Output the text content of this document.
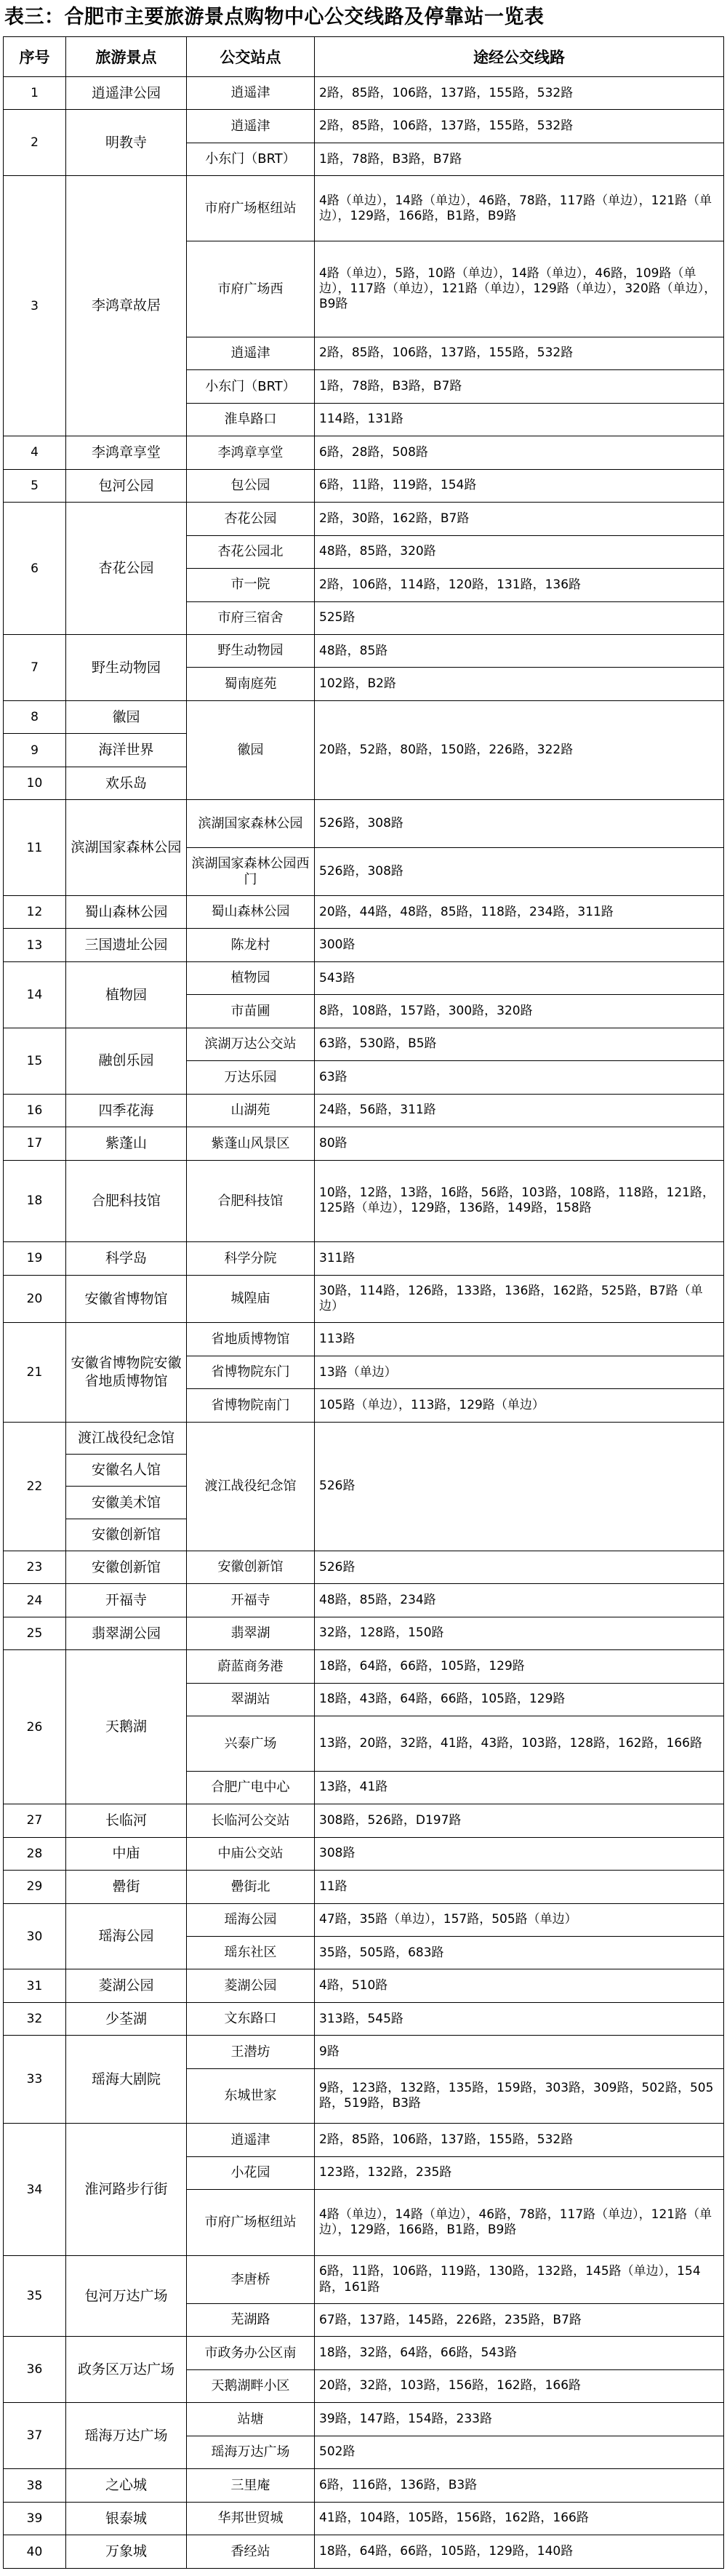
表三：合肥市主要旅游景点购物中心公交线路及停靠站一览表
序号	旅游景点	公交站点	途经公交线路
1	逍遥津公园	逍遥津	2路，85路，106路，137路，155路，532路
2	明教寺	逍遥津	2路，85路，106路，137路，155路，532路
		小东门（BRT）	1路，78路，B3路，B7路
3	李鸿章故居	市府广场枢纽站	4路（单边），14路（单边），46路，78路，117路（单边），121路（单边），129路，166路，B1路，B9路
		市府广场西	4路（单边），5路，10路（单边），14路（单边），46路，109路（单边），117路（单边），121路（单边），129路（单边），320路（单边），B9路
		逍遥津	2路，85路，106路，137路，155路，532路
		小东门（BRT）	1路，78路，B3路，B7路
		淮阜路口	114路，131路
4	李鸿章享堂	李鸿章享堂	6路，28路，508路
5	包河公园	包公园	6路，11路，119路，154路
6	杏花公园	杏花公园	2路，30路，162路，B7路
		杏花公园北	48路，85路，320路
		市一院	2路，106路，114路，120路，131路，136路
		市府三宿舍	525路
7	野生动物园	野生动物园	48路，85路
		蜀南庭苑	102路，B2路
8	徽园	徽园	20路，52路，80路，150路，226路，322路
9	海洋世界		
10	欢乐岛		
11	滨湖国家森林公园	滨湖国家森林公园	526路，308路
		滨湖国家森林公园西门	526路，308路
12	蜀山森林公园	蜀山森林公园	20路，44路，48路，85路，118路，234路，311路
13	三国遗址公园	陈龙村	300路
14	植物园	植物园	543路
		市苗圃	8路，108路，157路，300路，320路
15	融创乐园	滨湖万达公交站	63路，530路，B5路
		万达乐园	63路
16	四季花海	山湖苑	24路，56路，311路
17	紫蓬山	紫蓬山风景区	80路
18	合肥科技馆	合肥科技馆	10路，12路，13路，16路，56路，103路，108路，118路，121路，125路（单边），129路，136路，149路，158路
19	科学岛	科学分院	311路
20	安徽省博物馆	城隍庙	30路，114路，126路，133路，136路，162路，525路，B7路（单边）
21	安徽省博物院安徽省地质博物馆	省地质博物馆	113路
		省博物院东门	13路（单边）
		省博物院南门	105路（单边），113路，129路（单边）
22	渡江战役纪念馆	渡江战役纪念馆	526路
	安徽名人馆		
	安徽美术馆		
	安徽创新馆		
23	安徽创新馆	安徽创新馆	526路
24	开福寺	开福寺	48路，85路，234路
25	翡翠湖公园	翡翠湖	32路，128路，150路
26	天鹅湖	蔚蓝商务港	18路，64路，66路，105路，129路
		翠湖站	18路，43路，64路，66路，105路，129路
		兴泰广场	13路，20路，32路，41路，43路，103路，128路，162路，166路
		合肥广电中心	13路，41路
27	长临河	长临河公交站	308路，526路，D197路
28	中庙	中庙公交站	308路
29	罍街	罍街北	11路
30	瑶海公园	瑶海公园	47路，35路（单边），157路，505路（单边）
		瑶东社区	35路，505路，683路
31	菱湖公园	菱湖公园	4路，510路
32	少荃湖	文东路口	313路，545路
33	瑶海大剧院	王潜坊	9路
		东城世家	9路，123路，132路，135路，159路，303路，309路，502路，505路，519路，B3路
34	淮河路步行街	逍遥津	2路，85路，106路，137路，155路，532路
		小花园	123路，132路，235路
		市府广场枢纽站	4路（单边），14路（单边），46路，78路，117路（单边），121路（单边），129路，166路，B1路，B9路
35	包河万达广场	李唐桥	6路，11路，106路，119路，130路，132路，145路（单边），154路，161路
		芜湖路	67路，137路，145路，226路，235路，B7路
36	政务区万达广场	市政务办公区南	18路，32路，64路，66路，543路
		天鹅湖畔小区	20路，32路，103路，156路，162路，166路
37	瑶海万达广场	站塘	39路，147路，154路，233路
		瑶海万达广场	502路
38	之心城	三里庵	6路，116路，136路，B3路
39	银泰城	华邦世贸城	41路，104路，105路，156路，162路，166路
40	万象城	香经站	18路，64路，66路，105路，129路，140路
